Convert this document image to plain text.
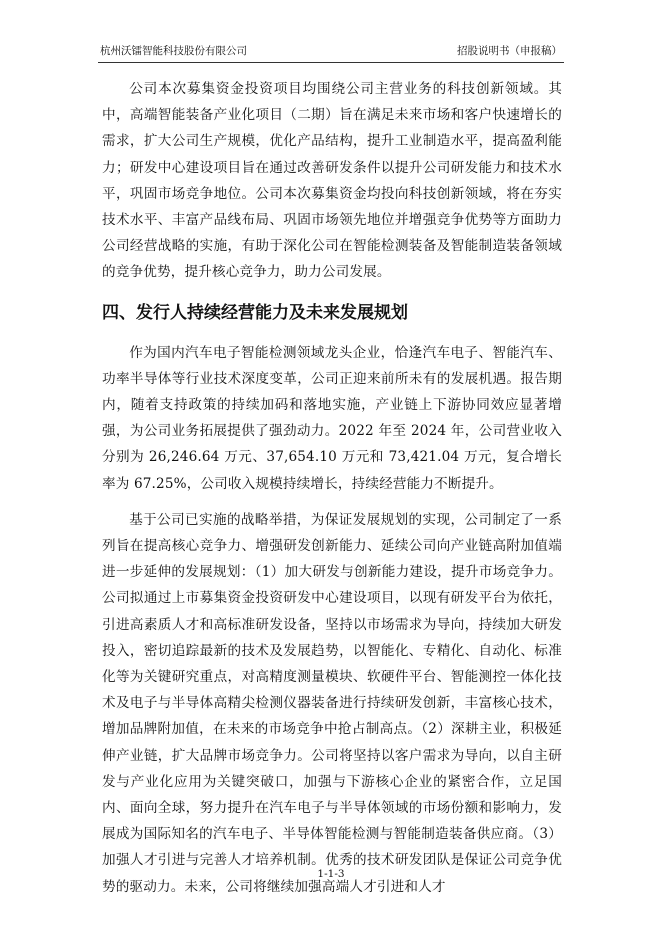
杭州沃镭智能科技股份有限公司	招股说明书（申报稿）

公司本次募集资金投资项目均围绕公司主营业务的科技创新领域。其中，高端智能装备产业化项目（二期）旨在满足未来市场和客户快速增长的需求，扩大公司生产规模，优化产品结构，提升工业制造水平，提高盈利能力；研发中心建设项目旨在通过改善研发条件以提升公司研发能力和技术水平，巩固市场竞争地位。公司本次募集资金均投向科技创新领域，将在夯实技术水平、丰富产品线布局、巩固市场领先地位并增强竞争优势等方面助力公司经营战略的实施，有助于深化公司在智能检测装备及智能制造装备领域的竞争优势，提升核心竞争力，助力公司发展。

四、发行人持续经营能力及未来发展规划

作为国内汽车电子智能检测领域龙头企业，恰逢汽车电子、智能汽车、功率半导体等行业技术深度变革，公司正迎来前所未有的发展机遇。报告期内，随着支持政策的持续加码和落地实施，产业链上下游协同效应显著增强，为公司业务拓展提供了强劲动力。2022 年至 2024 年，公司营业收入分别为 26,246.64 万元、37,654.10 万元和 73,421.04 万元，复合增长率为 67.25%，公司收入规模持续增长，持续经营能力不断提升。

基于公司已实施的战略举措，为保证发展规划的实现，公司制定了一系列旨在提高核心竞争力、增强研发创新能力、延续公司向产业链高附加值端进一步延伸的发展规划：（1）加大研发与创新能力建设，提升市场竞争力。公司拟通过上市募集资金投资研发中心建设项目，以现有研发平台为依托，引进高素质人才和高标准研发设备，坚持以市场需求为导向，持续加大研发投入，密切追踪最新的技术及发展趋势，以智能化、专精化、自动化、标准化等为关键研究重点，对高精度测量模块、软硬件平台、智能测控一体化技术及电子与半导体高精尖检测仪器装备进行持续研发创新，丰富核心技术，增加品牌附加值，在未来的市场竞争中抢占制高点。（2）深耕主业，积极延伸产业链，扩大品牌市场竞争力。公司将坚持以客户需求为导向，以自主研发与产业化应用为关键突破口，加强与下游核心企业的紧密合作，立足国内、面向全球，努力提升在汽车电子与半导体领域的市场份额和影响力，发展成为国际知名的汽车电子、半导体智能检测与智能制造装备供应商。（3）加强人才引进与完善人才培养机制。优秀的技术研发团队是保证公司竞争优势的驱动力。未来，公司将继续加强高端人才引进和人才

1-1-3
